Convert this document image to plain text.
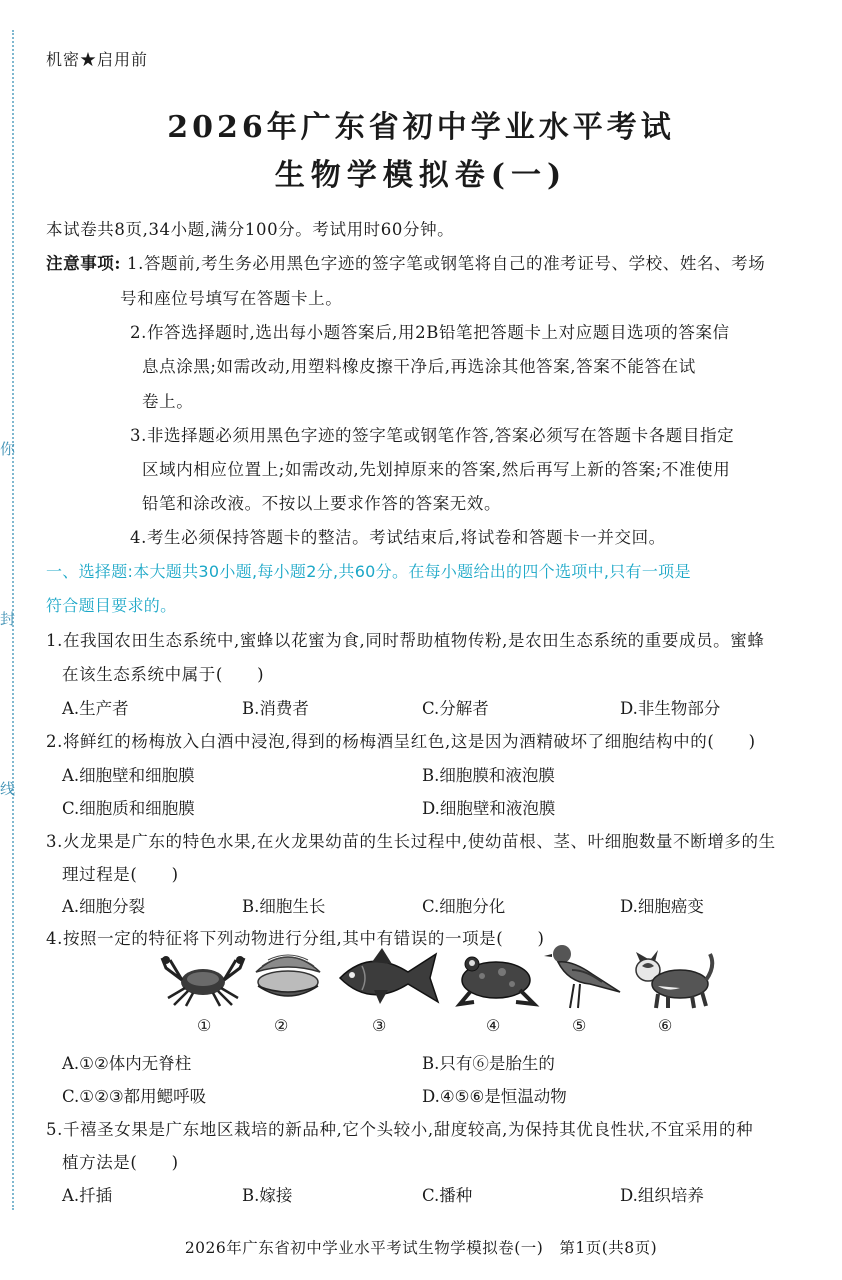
你
封
线
机密★启用前
2026年广东省初中学业水平考试
生物学模拟卷(一)
本试卷共8页,34小题,满分100分。考试用时60分钟。
注意事项: 1.答题前,考生务必用黑色字迹的签字笔或钢笔将自己的准考证号、学校、姓名、考场
号和座位号填写在答题卡上。
2.作答选择题时,选出每小题答案后,用2B铅笔把答题卡上对应题目选项的答案信
息点涂黑;如需改动,用塑料橡皮擦干净后,再选涂其他答案,答案不能答在试
卷上。
3.非选择题必须用黑色字迹的签字笔或钢笔作答,答案必须写在答题卡各题目指定
区域内相应位置上;如需改动,先划掉原来的答案,然后再写上新的答案;不准使用
铅笔和涂改液。不按以上要求作答的答案无效。
4.考生必须保持答题卡的整洁。考试结束后,将试卷和答题卡一并交回。
一、选择题:本大题共30小题,每小题2分,共60分。在每小题给出的四个选项中,只有一项是
符合题目要求的。
1.在我国农田生态系统中,蜜蜂以花蜜为食,同时帮助植物传粉,是农田生态系统的重要成员。蜜蜂
在该生态系统中属于(　　)
A.生产者	B.消费者	C.分解者	D.非生物部分
2.将鲜红的杨梅放入白酒中浸泡,得到的杨梅酒呈红色,这是因为酒精破坏了细胞结构中的(　　)
A.细胞壁和细胞膜	B.细胞膜和液泡膜
C.细胞质和细胞膜	D.细胞壁和液泡膜
3.火龙果是广东的特色水果,在火龙果幼苗的生长过程中,使幼苗根、茎、叶细胞数量不断增多的生
理过程是(　　)
A.细胞分裂	B.细胞生长	C.细胞分化	D.细胞癌变
4.按照一定的特征将下列动物进行分组,其中有错误的一项是(　　)
①	②	③	④	⑤	⑥
A.①②体内无脊柱	B.只有⑥是胎生的
C.①②③都用鳃呼吸	D.④⑤⑥是恒温动物
5.千禧圣女果是广东地区栽培的新品种,它个头较小,甜度较高,为保持其优良性状,不宜采用的种
植方法是(　　)
A.扦插	B.嫁接	C.播种	D.组织培养
2026年广东省初中学业水平考试生物学模拟卷(一)　第1页(共8页)
